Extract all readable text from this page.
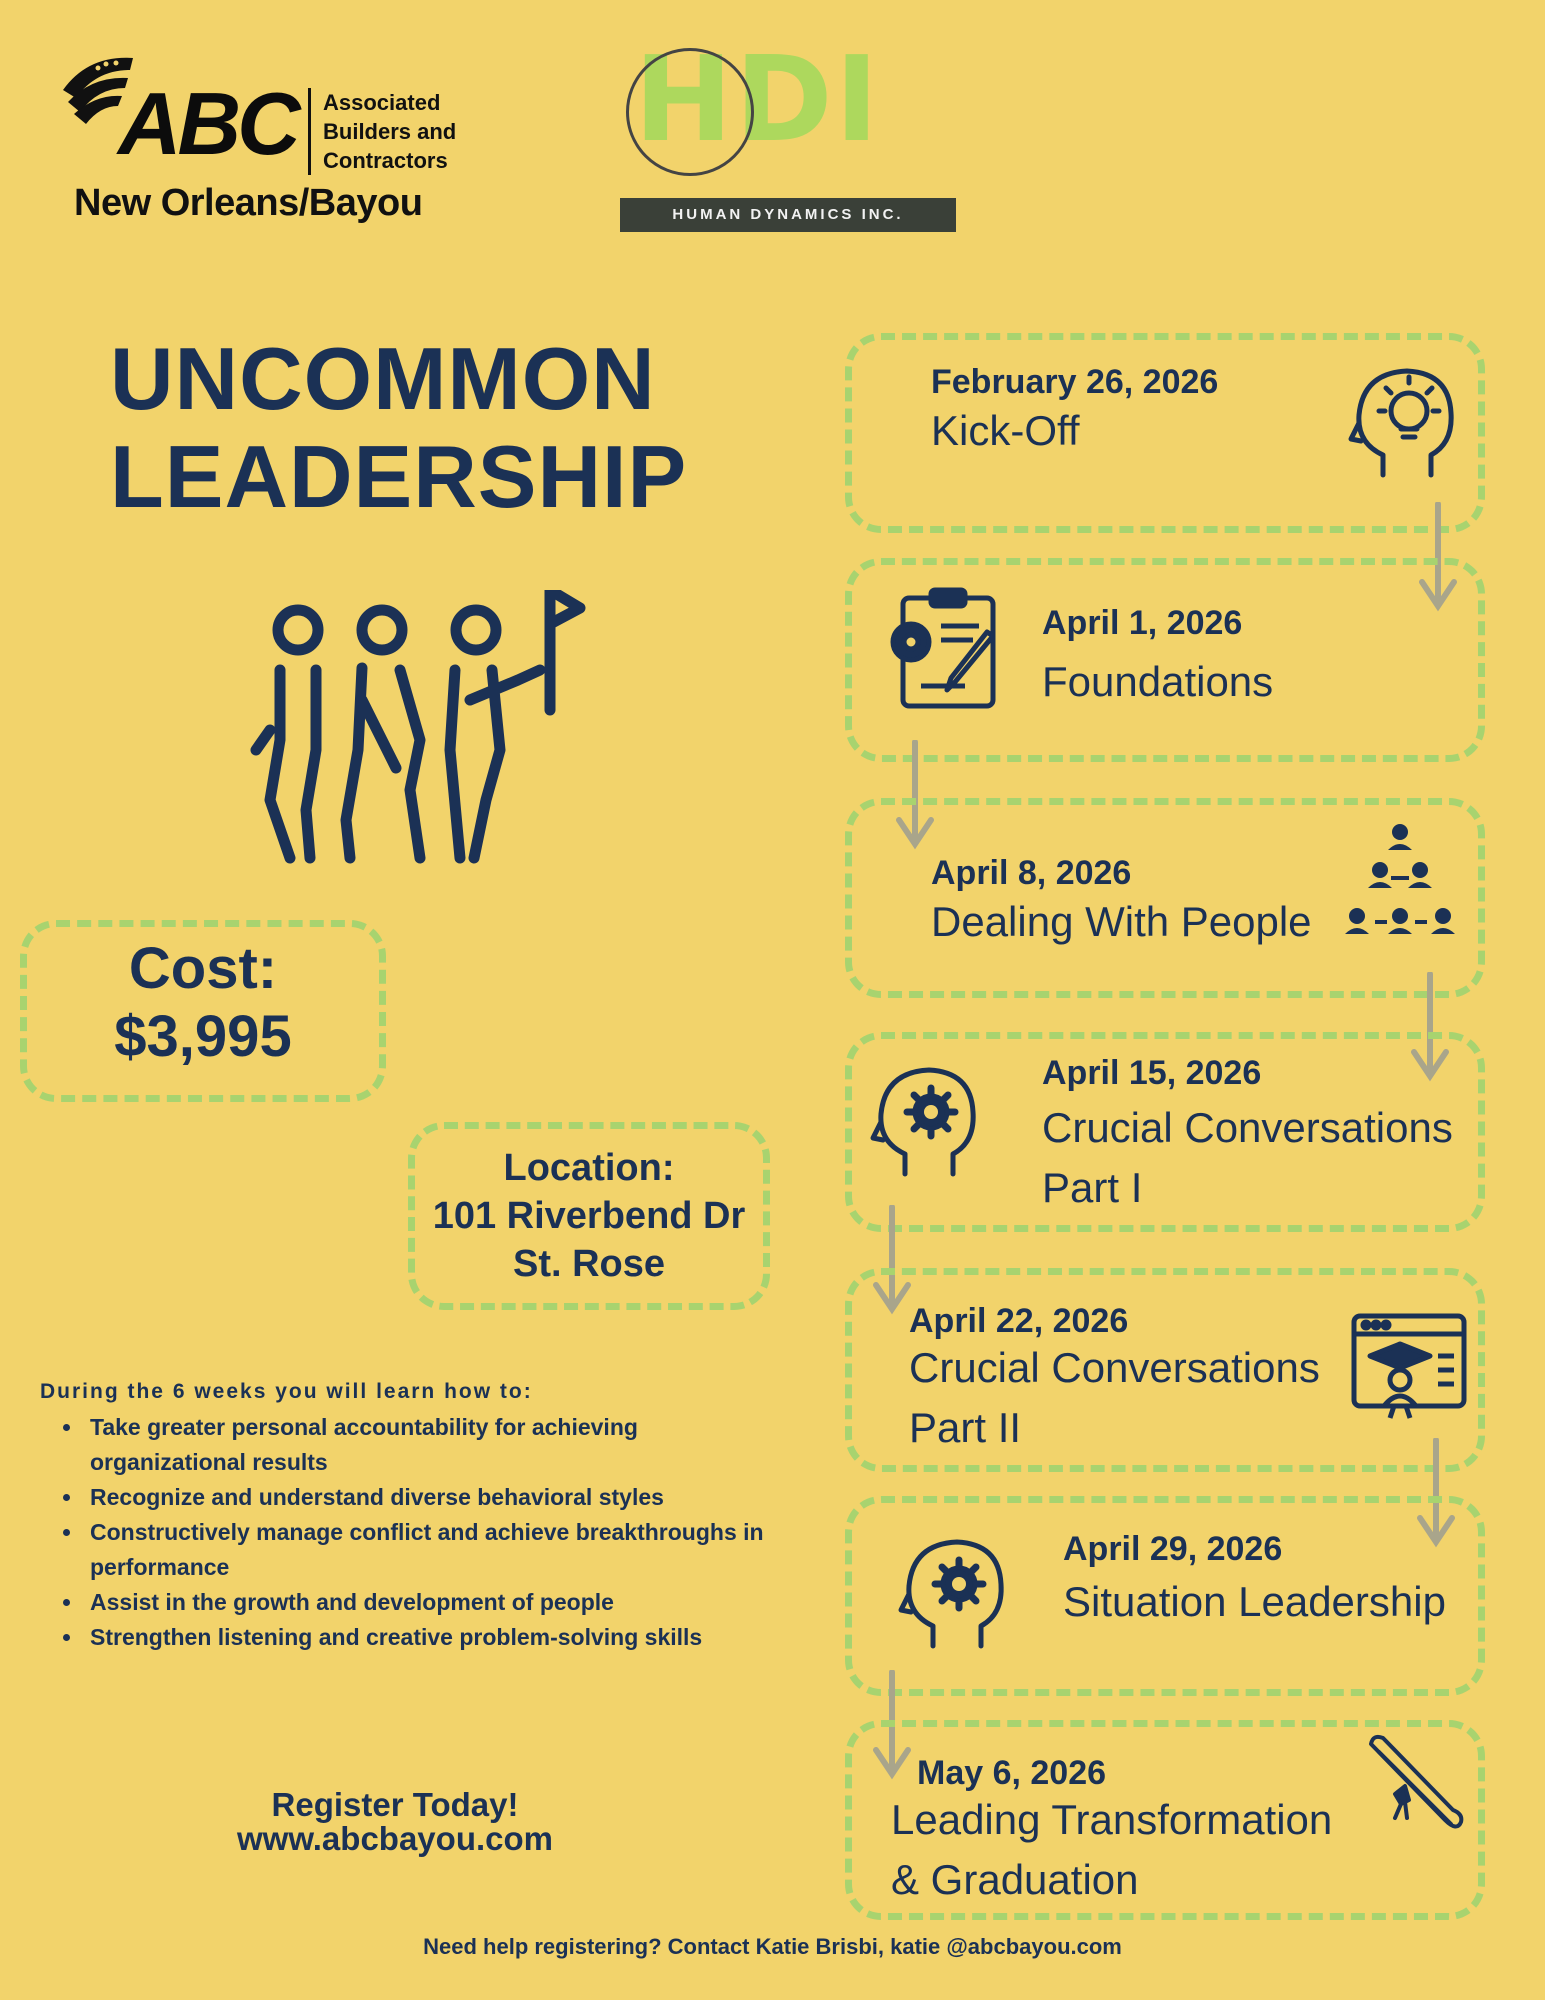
ABC Associated
Builders and
Contractors
New Orleans/Bayou
HDI
HUMAN DYNAMICS INC.
UNCOMMON
LEADERSHIP
Cost:
$3,995
Location:
101 Riverbend Dr
St. Rose
During the 6 weeks you will learn how to:
• Take greater personal accountability for achieving organizational results
• Recognize and understand diverse behavioral styles
• Constructively manage conflict and achieve breakthroughs in performance
• Assist in the growth and development of people
• Strengthen listening and creative problem-solving skills
Register Today!
www.abcbayou.com
Need help registering? Contact Katie Brisbi, katie @abcbayou.com
February 26, 2026
Kick-Off
April 1, 2026
Foundations
April 8, 2026
Dealing With People
April 15, 2026
Crucial Conversations
Part I
April 22, 2026
Crucial Conversations
Part II
April 29, 2026
Situation Leadership
May 6, 2026
Leading Transformation
& Graduation
